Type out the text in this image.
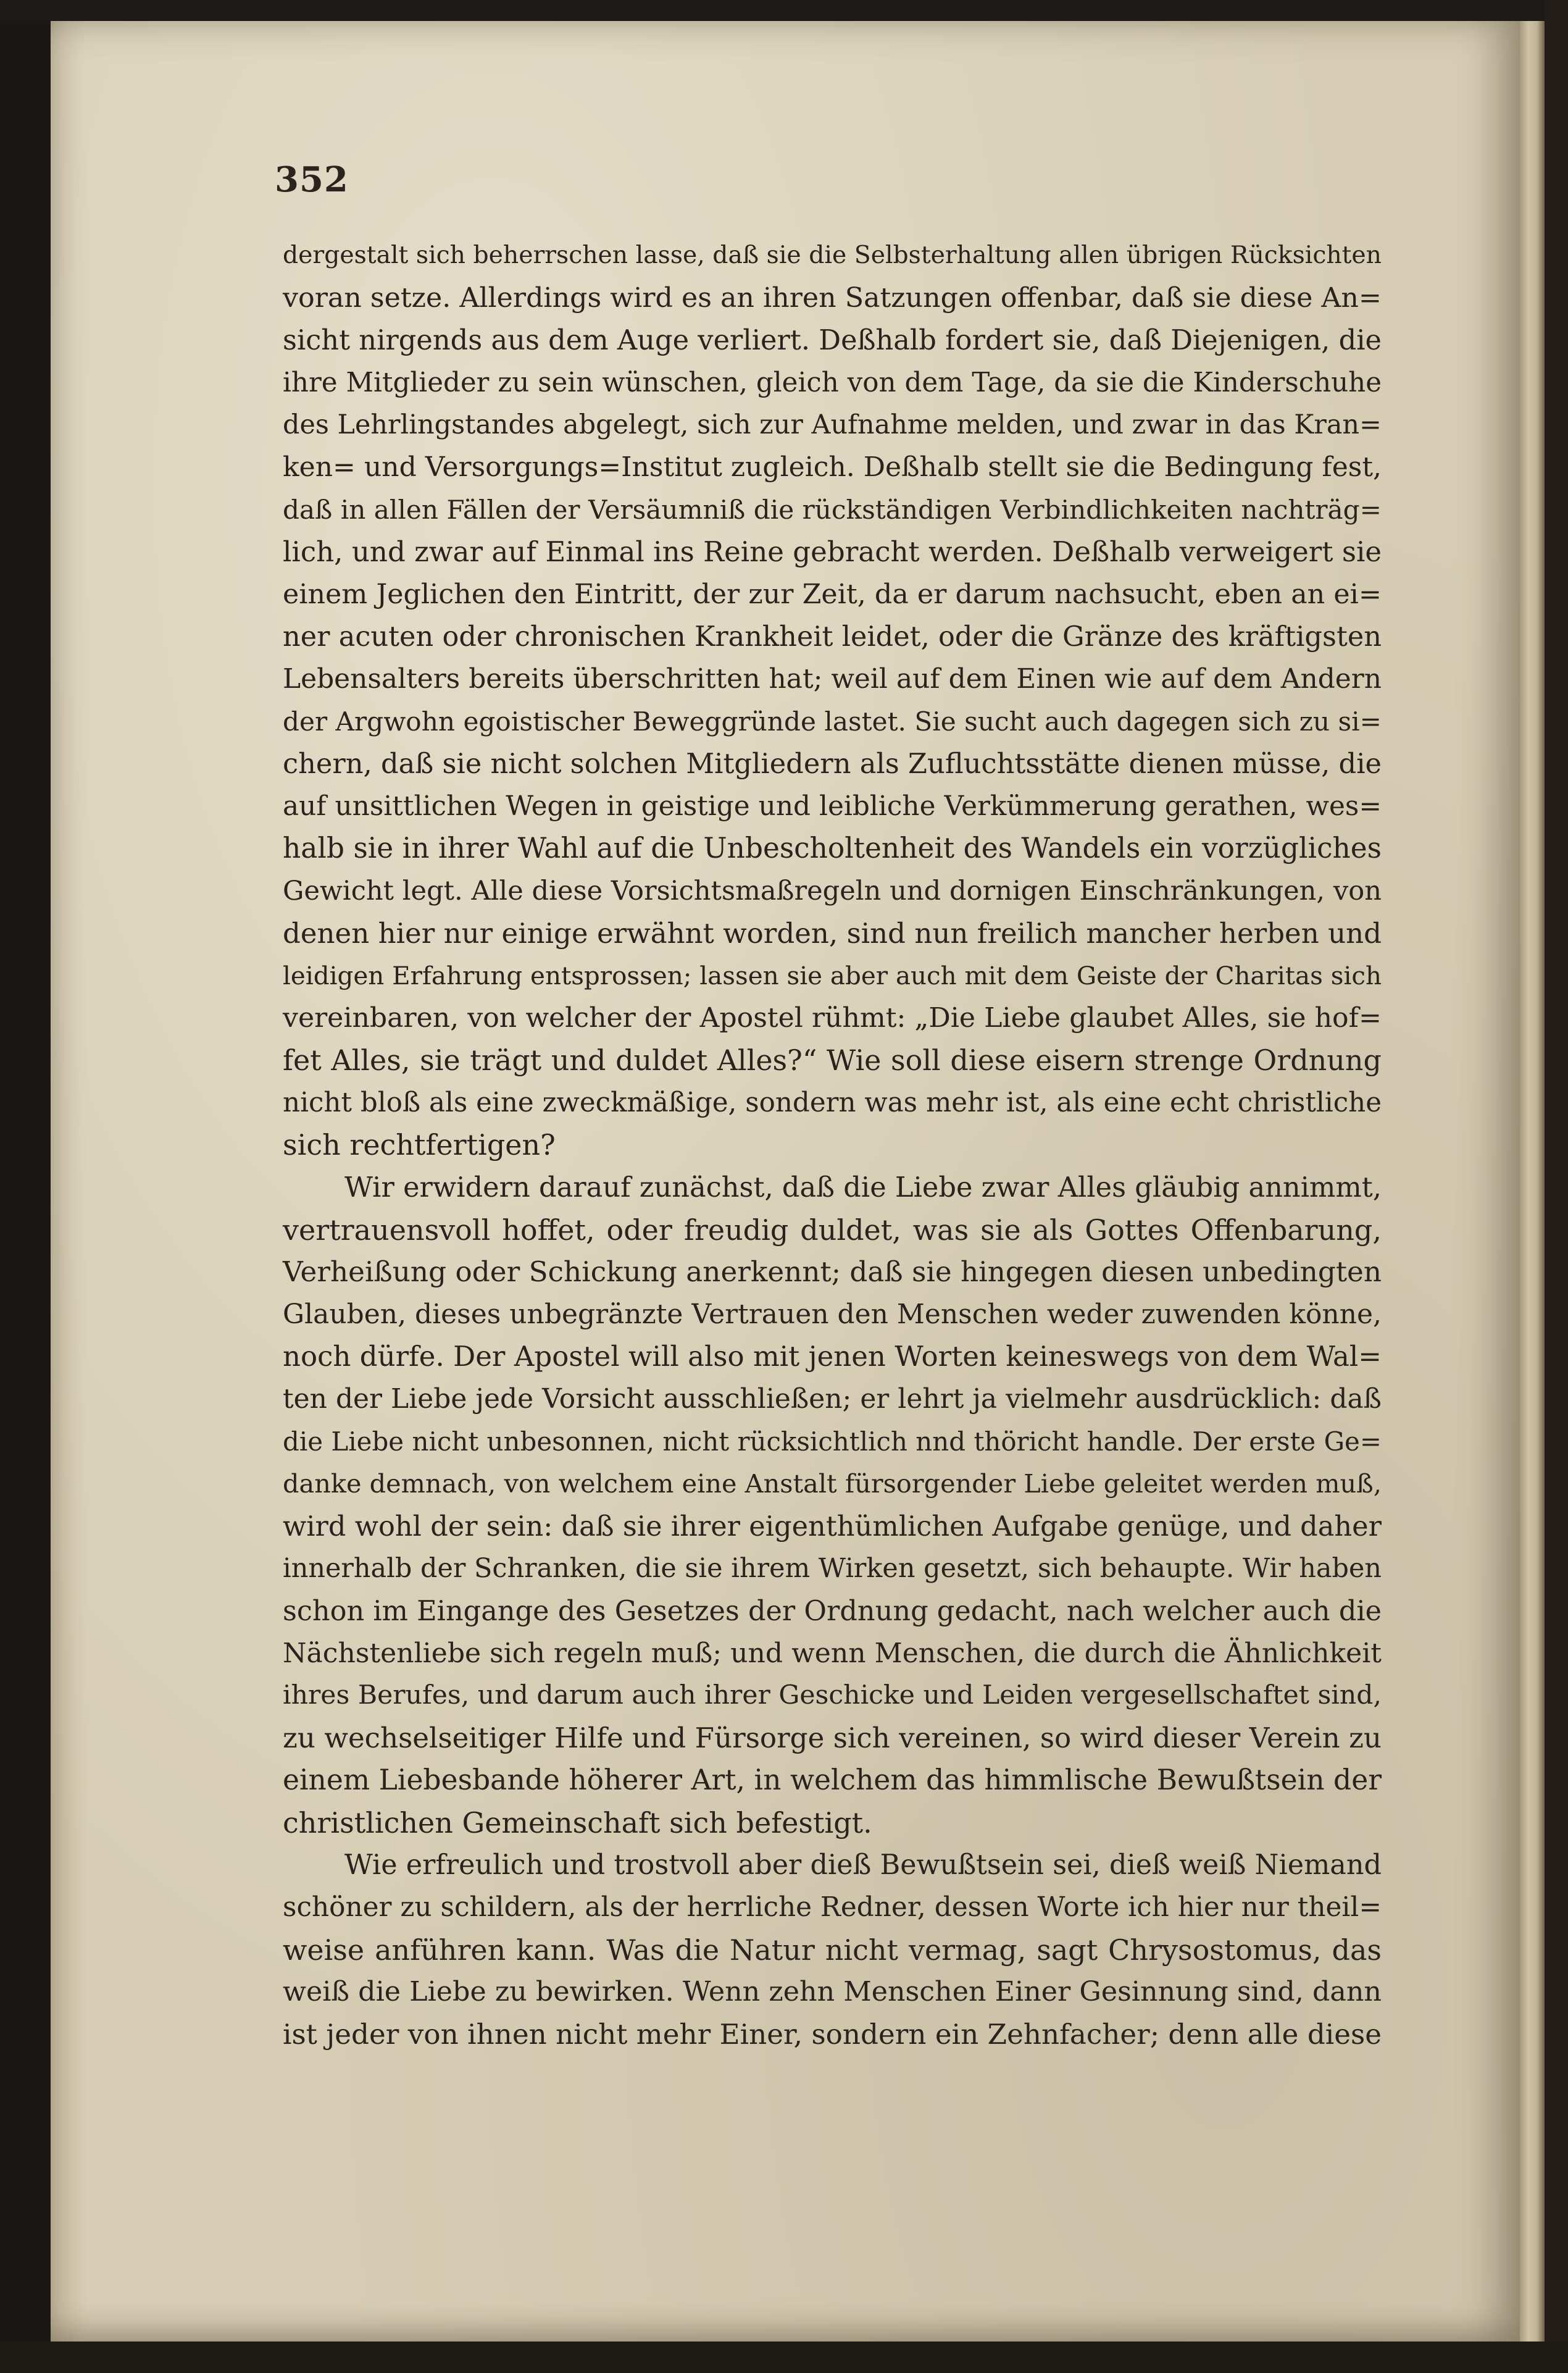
352
dergestalt sich beherrschen lasse, daß sie die Selbsterhaltung allen übrigen Rücksichten
voran setze. Allerdings wird es an ihren Satzungen offenbar, daß sie diese An=
sicht nirgends aus dem Auge verliert. Deßhalb fordert sie, daß Diejenigen, die
ihre Mitglieder zu sein wünschen, gleich von dem Tage, da sie die Kinderschuhe
des Lehrlingstandes abgelegt, sich zur Aufnahme melden, und zwar in das Kran=
ken= und Versorgungs=Institut zugleich. Deßhalb stellt sie die Bedingung fest,
daß in allen Fällen der Versäumniß die rückständigen Verbindlichkeiten nachträg=
lich, und zwar auf Einmal ins Reine gebracht werden. Deßhalb verweigert sie
einem Jeglichen den Eintritt, der zur Zeit, da er darum nachsucht, eben an ei=
ner acuten oder chronischen Krankheit leidet, oder die Gränze des kräftigsten
Lebensalters bereits überschritten hat; weil auf dem Einen wie auf dem Andern
der Argwohn egoistischer Beweggründe lastet. Sie sucht auch dagegen sich zu si=
chern, daß sie nicht solchen Mitgliedern als Zufluchtsstätte dienen müsse, die
auf unsittlichen Wegen in geistige und leibliche Verkümmerung gerathen, wes=
halb sie in ihrer Wahl auf die Unbescholtenheit des Wandels ein vorzügliches
Gewicht legt. Alle diese Vorsichtsmaßregeln und dornigen Einschränkungen, von
denen hier nur einige erwähnt worden, sind nun freilich mancher herben und
leidigen Erfahrung entsprossen; lassen sie aber auch mit dem Geiste der Charitas sich
vereinbaren, von welcher der Apostel rühmt: „Die Liebe glaubet Alles, sie hof=
fet Alles, sie trägt und duldet Alles?“ Wie soll diese eisern strenge Ordnung
nicht bloß als eine zweckmäßige, sondern was mehr ist, als eine echt christliche
sich rechtfertigen?
Wir erwidern darauf zunächst, daß die Liebe zwar Alles gläubig annimmt,
vertrauensvoll hoffet, oder freudig duldet, was sie als Gottes Offenbarung,
Verheißung oder Schickung anerkennt; daß sie hingegen diesen unbedingten
Glauben, dieses unbegränzte Vertrauen den Menschen weder zuwenden könne,
noch dürfe. Der Apostel will also mit jenen Worten keineswegs von dem Wal=
ten der Liebe jede Vorsicht ausschließen; er lehrt ja vielmehr ausdrücklich: daß
die Liebe nicht unbesonnen, nicht rücksichtlich nnd thöricht handle. Der erste Ge=
danke demnach, von welchem eine Anstalt fürsorgender Liebe geleitet werden muß,
wird wohl der sein: daß sie ihrer eigenthümlichen Aufgabe genüge, und daher
innerhalb der Schranken, die sie ihrem Wirken gesetzt, sich behaupte. Wir haben
schon im Eingange des Gesetzes der Ordnung gedacht, nach welcher auch die
Nächstenliebe sich regeln muß; und wenn Menschen, die durch die Ähnlichkeit
ihres Berufes, und darum auch ihrer Geschicke und Leiden vergesellschaftet sind,
zu wechselseitiger Hilfe und Fürsorge sich vereinen, so wird dieser Verein zu
einem Liebesbande höherer Art, in welchem das himmlische Bewußtsein der
christlichen Gemeinschaft sich befestigt.
Wie erfreulich und trostvoll aber dieß Bewußtsein sei, dieß weiß Niemand
schöner zu schildern, als der herrliche Redner, dessen Worte ich hier nur theil=
weise anführen kann. Was die Natur nicht vermag, sagt Chrysostomus, das
weiß die Liebe zu bewirken. Wenn zehn Menschen Einer Gesinnung sind, dann
ist jeder von ihnen nicht mehr Einer, sondern ein Zehnfacher; denn alle diese
